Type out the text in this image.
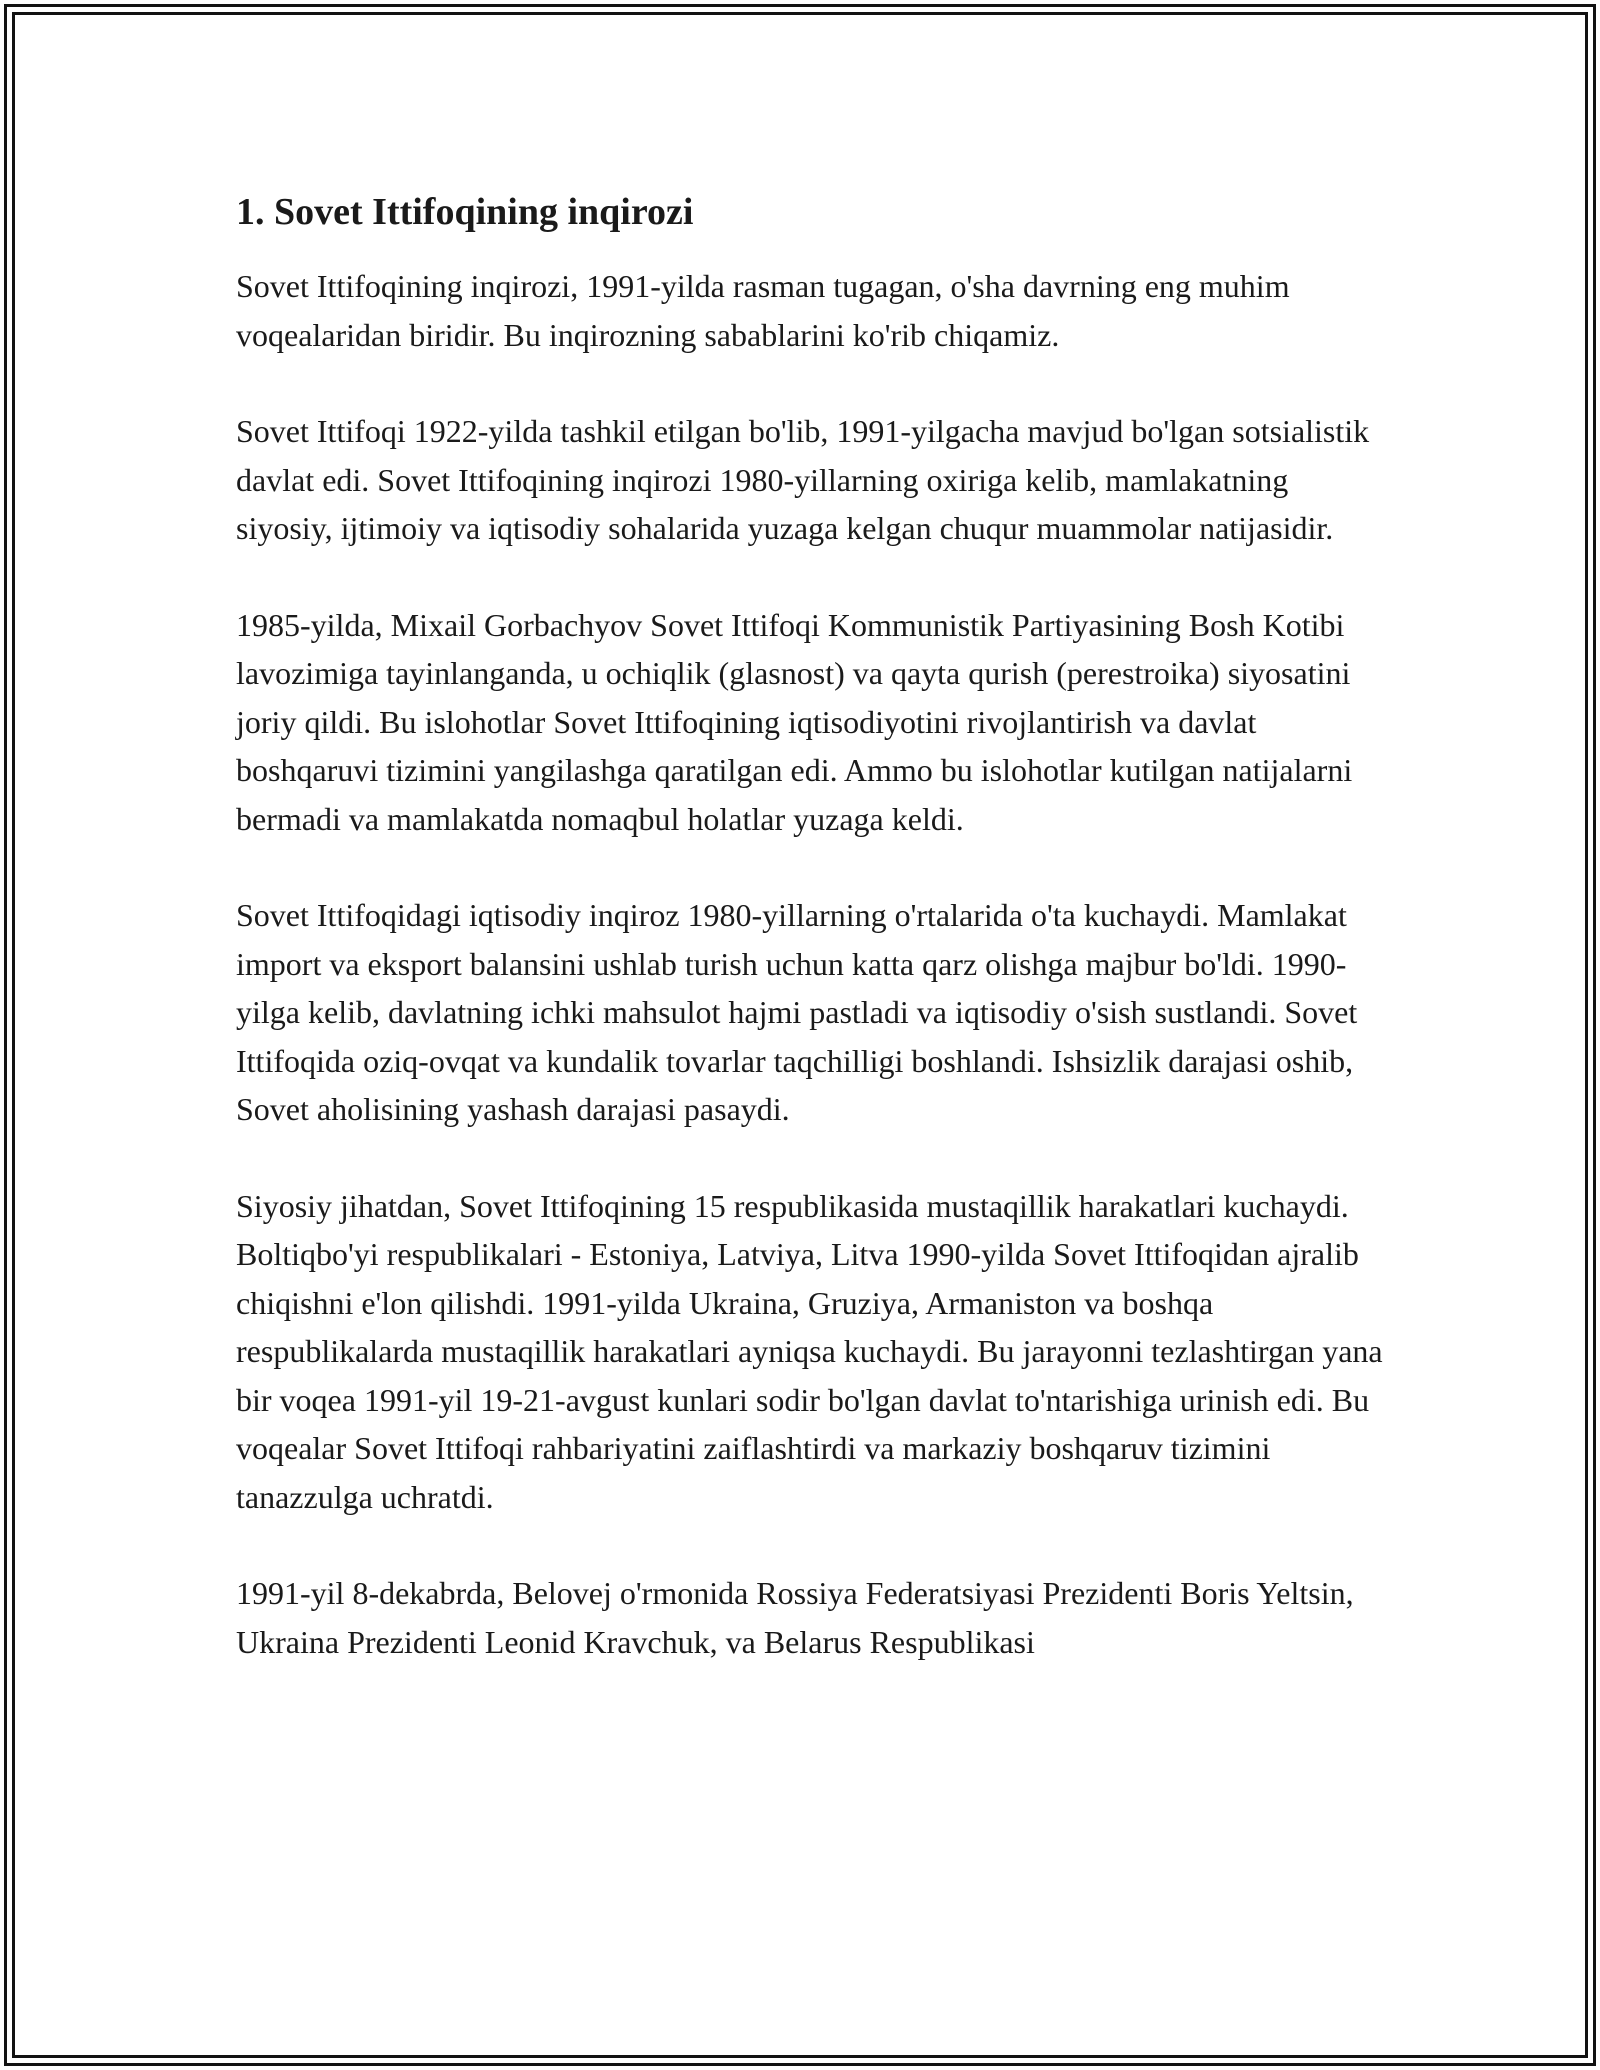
1. Sovet Ittifoqining inqirozi

Sovet Ittifoqining inqirozi, 1991-yilda rasman tugagan, o'sha davrning eng muhim voqealaridan biridir. Bu inqirozning sabablarini ko'rib chiqamiz.

Sovet Ittifoqi 1922-yilda tashkil etilgan bo'lib, 1991-yilgacha mavjud bo'lgan sotsialistik davlat edi. Sovet Ittifoqining inqirozi 1980-yillarning oxiriga kelib, mamlakatning siyosiy, ijtimoiy va iqtisodiy sohalarida yuzaga kelgan chuqur muammolar natijasidir.

1985-yilda, Mixail Gorbachyov Sovet Ittifoqi Kommunistik Partiyasining Bosh Kotibi lavozimiga tayinlanganda, u ochiqlik (glasnost) va qayta qurish (perestroika) siyosatini joriy qildi. Bu islohotlar Sovet Ittifoqining iqtisodiyotini rivojlantirish va davlat boshqaruvi tizimini yangilashga qaratilgan edi. Ammo bu islohotlar kutilgan natijalarni bermadi va mamlakatda nomaqbul holatlar yuzaga keldi.

Sovet Ittifoqidagi iqtisodiy inqiroz 1980-yillarning o'rtalarida o'ta kuchaydi. Mamlakat import va eksport balansini ushlab turish uchun katta qarz olishga majbur bo'ldi. 1990-yilga kelib, davlatning ichki mahsulot hajmi pastladi va iqtisodiy o'sish sustlandi. Sovet Ittifoqida oziq-ovqat va kundalik tovarlar taqchilligi boshlandi. Ishsizlik darajasi oshib, Sovet aholisining yashash darajasi pasaydi.

Siyosiy jihatdan, Sovet Ittifoqining 15 respublikasida mustaqillik harakatlari kuchaydi. Boltiqbo'yi respublikalari - Estoniya, Latviya, Litva 1990-yilda Sovet Ittifoqidan ajralib chiqishni e'lon qilishdi. 1991-yilda Ukraina, Gruziya, Armaniston va boshqa respublikalarda mustaqillik harakatlari ayniqsa kuchaydi. Bu jarayonni tezlashtirgan yana bir voqea 1991-yil 19-21-avgust kunlari sodir bo'lgan davlat to'ntarishiga urinish edi. Bu voqealar Sovet Ittifoqi rahbariyatini zaiflashtirdi va markaziy boshqaruv tizimini tanazzulga uchratdi.

1991-yil 8-dekabrda, Belovej o'rmonida Rossiya Federatsiyasi Prezidenti Boris Yeltsin, Ukraina Prezidenti Leonid Kravchuk, va Belarus Respublikasi
